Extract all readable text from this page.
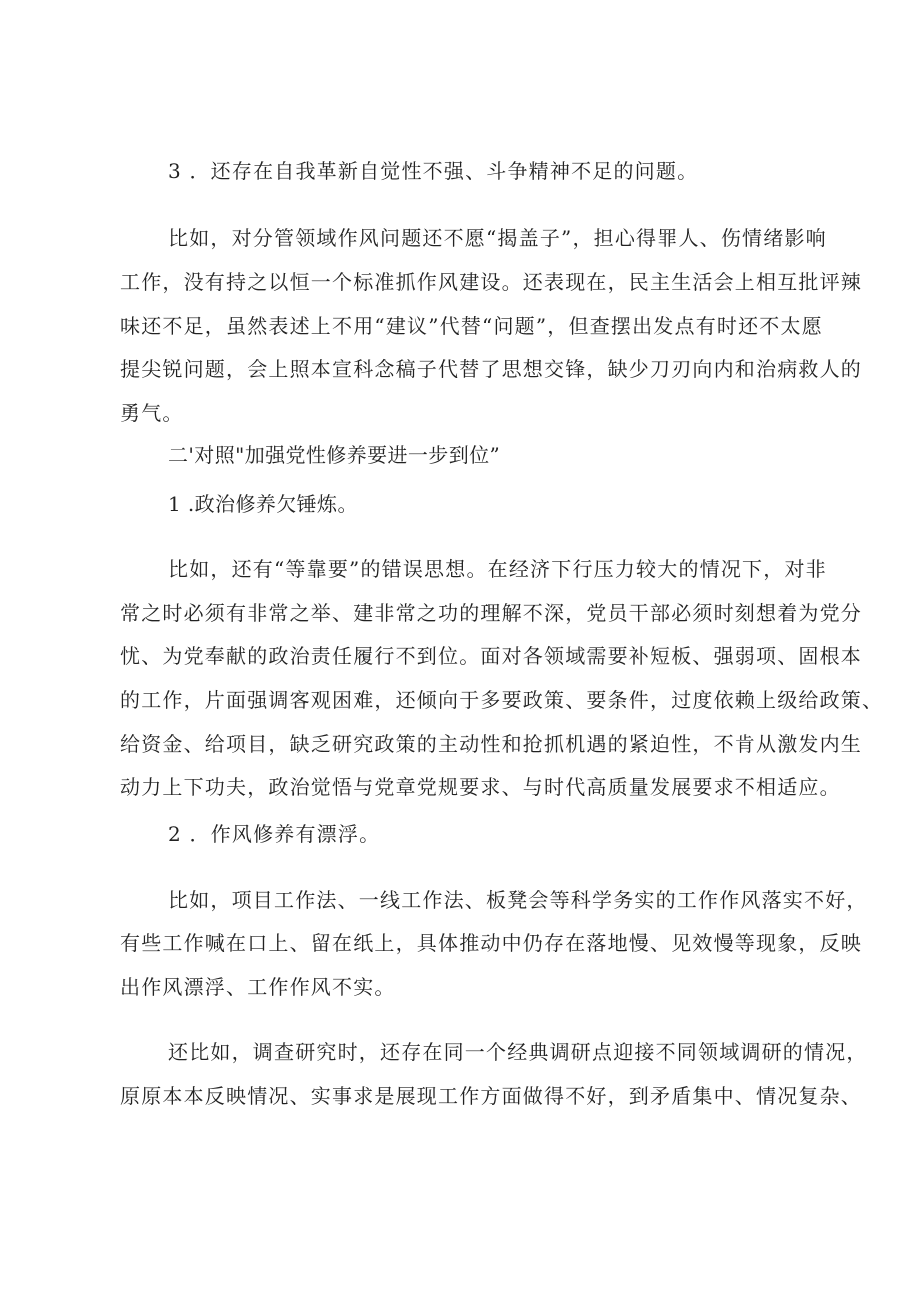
3 ．还存在自我革新自觉性不强、斗争精神不足的问题。
比如，对分管领域作风问题还不愿“揭盖子”，担心得罪人、伤情绪影响
工作，没有持之以恒一个标准抓作风建设。还表现在，民主生活会上相互批评辣
味还不足，虽然表述上不用“建议”代替“问题”，但查摆出发点有时还不太愿
提尖锐问题，会上照本宣科念稿子代替了思想交锋，缺少刀刃向内和治病救人的
勇气。
二'对照"加强党性修养要进一步到位”
1 .政治修养欠锤炼。
比如，还有“等靠要”的错误思想。在经济下行压力较大的情况下，对非
常之时必须有非常之举、建非常之功的理解不深，党员干部必须时刻想着为党分
忧、为党奉献的政治责任履行不到位。面对各领域需要补短板、强弱项、固根本
的工作，片面强调客观困难，还倾向于多要政策、要条件，过度依赖上级给政策、
给资金、给项目，缺乏研究政策的主动性和抢抓机遇的紧迫性，不肯从激发内生
动力上下功夫，政治觉悟与党章党规要求、与时代高质量发展要求不相适应。
2 ．作风修养有漂浮。
比如，项目工作法、一线工作法、板凳会等科学务实的工作作风落实不好，
有些工作喊在口上、留在纸上，具体推动中仍存在落地慢、见效慢等现象，反映
出作风漂浮、工作作风不实。
还比如，调查研究时，还存在同一个经典调研点迎接不同领域调研的情况，
原原本本反映情况、实事求是展现工作方面做得不好，到矛盾集中、情况复杂、
